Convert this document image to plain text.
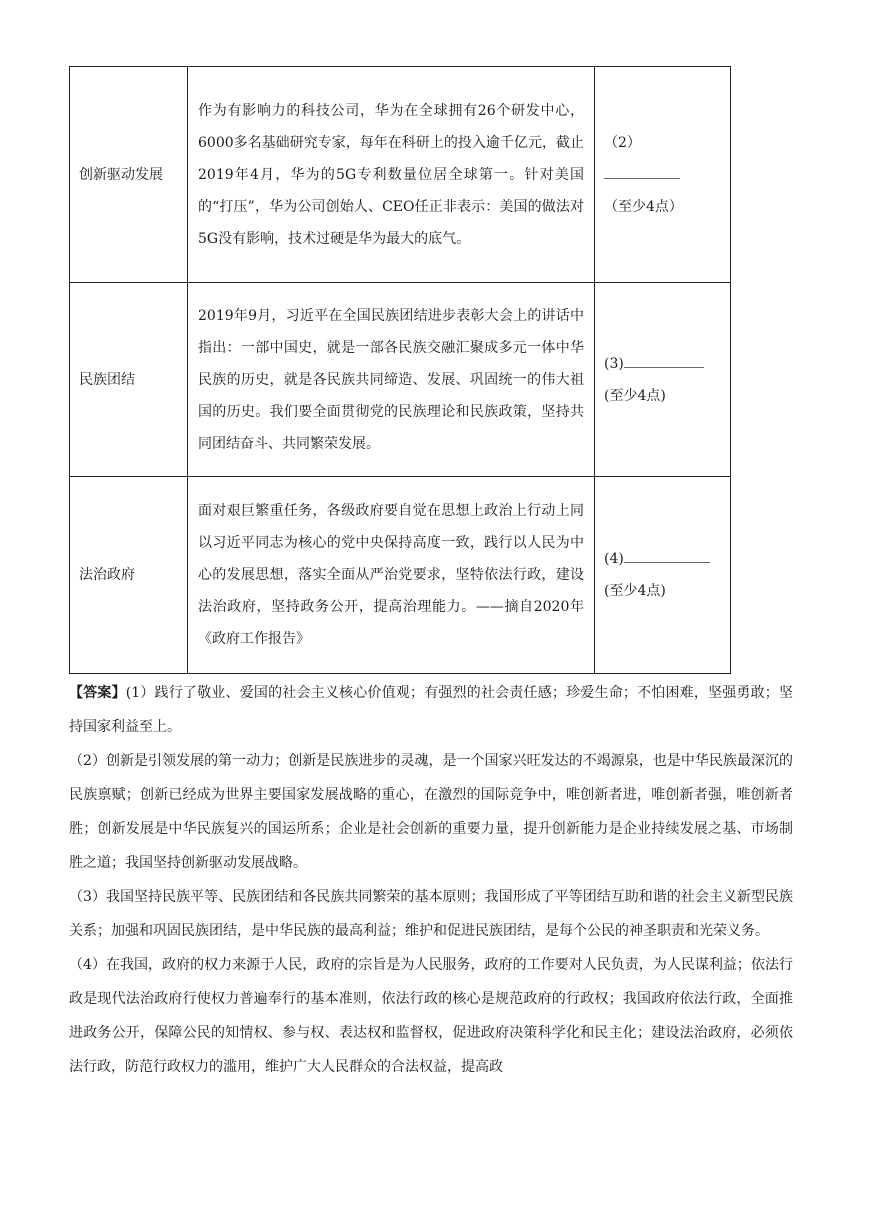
创新驱动发展	作为有影响力的科技公司，华为在全球拥有26个研发中心，6000多名基础研究专家，每年在科研上的投入逾千亿元，截止2019年4月，华为的5G专利数量位居全球第一。针对美国的“打压”，华为公司创始人、CEO任正非表示：美国的做法对5G没有影响，技术过硬是华为最大的底气。	（2）
（至少4点）

民族团结	2019年9月，习近平在全国民族团结进步表彰大会上的讲话中指出：一部中国史，就是一部各民族交融汇聚成多元一体中华民族的历史，就是各民族共同缔造、发展、巩固统一的伟大祖国的历史。我们要全面贯彻党的民族理论和民族政策，坚持共同团结奋斗、共同繁荣发展。	(3)
(至少4点)

法治政府	面对艰巨繁重任务，各级政府要自觉在思想上政治上行动上同以习近平同志为核心的党中央保持高度一致，践行以人民为中心的发展思想，落实全面从严治党要求，坚特依法行政，建设法治政府，坚持政务公开，提高治理能力。——摘自2020年《政府工作报告》	(4)
(至少4点)

【答案】(1）践行了敬业、爱国的社会主义核心价值观；有强烈的社会责任感；珍爱生命；不怕困难，坚强勇敢；坚持国家利益至上。

（2）创新是引领发展的第一动力；创新是民族进步的灵魂，是一个国家兴旺发达的不竭源泉，也是中华民族最深沉的民族禀赋；创新已经成为世界主要国家发展战略的重心，在激烈的国际竞争中，唯创新者进，唯创新者强，唯创新者胜；创新发展是中华民族复兴的国运所系；企业是社会创新的重要力量，提升创新能力是企业持续发展之基、市场制胜之道；我国坚持创新驱动发展战略。

（3）我国坚持民族平等、民族团结和各民族共同繁荣的基本原则；我国形成了平等团结互助和谐的社会主义新型民族关系；加强和巩固民族团结，是中华民族的最高利益；维护和促进民族团结，是每个公民的神圣职责和光荣义务。

（4）在我国，政府的权力来源于人民，政府的宗旨是为人民服务，政府的工作要对人民负责，为人民谋利益；依法行政是现代法治政府行使权力普遍奉行的基本准则，依法行政的核心是规范政府的行政权；我国政府依法行政，全面推进政务公开，保障公民的知情权、参与权、表达权和监督权，促进政府决策科学化和民主化；建设法治政府，必须依法行政，防范行政权力的滥用，维护广大人民群众的合法权益，提高政
